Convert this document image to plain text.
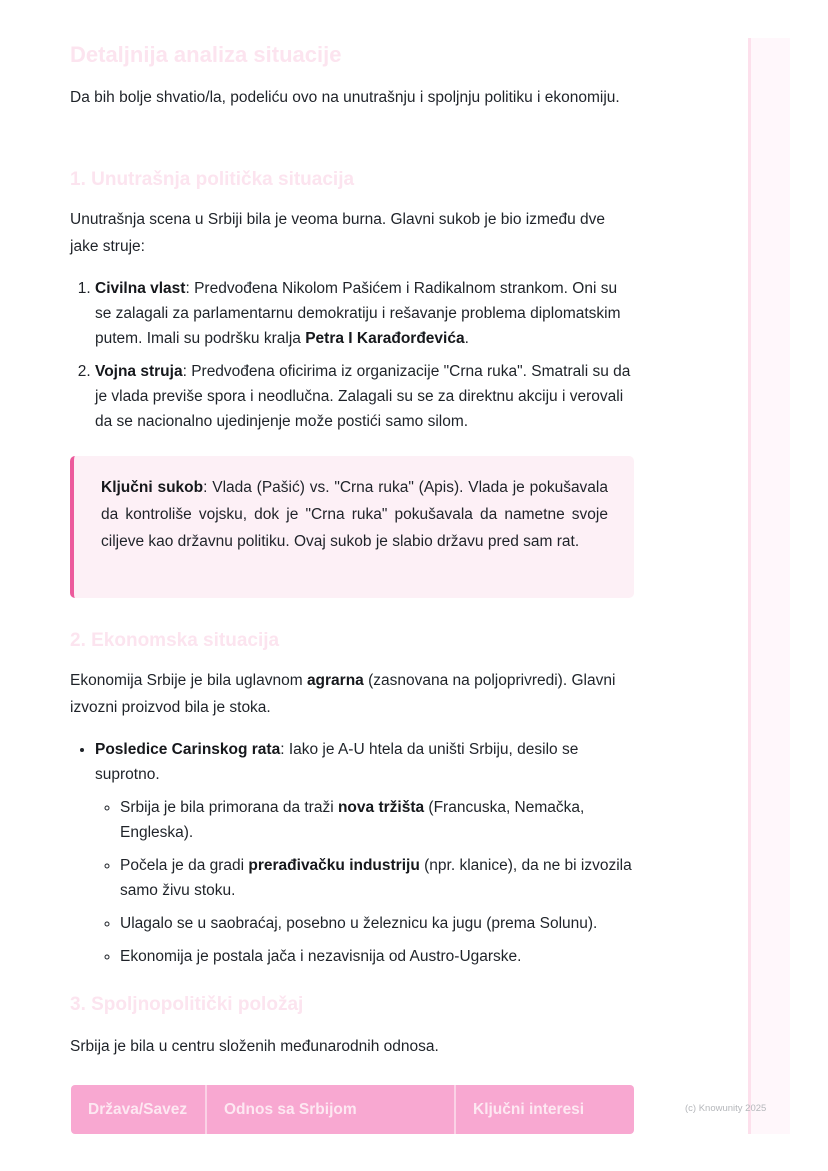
Detaljnija analiza situacije

Da bih bolje shvatio/la, podeliću ovo na unutrašnju i spoljnju politiku i ekonomiju.

1. Unutrašnja politička situacija

Unutrašnja scena u Srbiji bila je veoma burna. Glavni sukob je bio između dve jake struje:

1. Civilna vlast: Predvođena Nikolom Pašićem i Radikalnom strankom. Oni su se zalagali za parlamentarnu demokratiju i rešavanje problema diplomatskim putem. Imali su podršku kralja Petra I Karađorđevića.
2. Vojna struja: Predvođena oficirima iz organizacije "Crna ruka". Smatrali su da je vlada previše spora i neodlučna. Zalagali su se za direktnu akciju i verovali da se nacionalno ujedinjenje može postići samo silom.

Ključni sukob: Vlada (Pašić) vs. "Crna ruka" (Apis). Vlada je pokušavala da kontroliše vojsku, dok je "Crna ruka" pokušavala da nametne svoje ciljeve kao državnu politiku. Ovaj sukob je slabio državu pred sam rat.

2. Ekonomska situacija

Ekonomija Srbije je bila uglavnom agrarna (zasnovana na poljoprivredi). Glavni izvozni proizvod bila je stoka.

• Posledice Carinskog rata: Iako je A-U htela da uništi Srbiju, desilo se suprotno.
◦ Srbija je bila primorana da traži nova tržišta (Francuska, Nemačka, Engleska).
◦ Počela je da gradi prerađivačku industriju (npr. klanice), da ne bi izvozila samo živu stoku.
◦ Ulagalo se u saobraćaj, posebno u železnicu ka jugu (prema Solunu).
◦ Ekonomija je postala jača i nezavisnija od Austro-Ugarske.
3. Spoljnopolitički položaj

Srbija je bila u centru složenih međunarodnih odnosa.

Država/Savez	Odnos sa Srbijom	Ključni interesi	(c) Knowunity 2025
